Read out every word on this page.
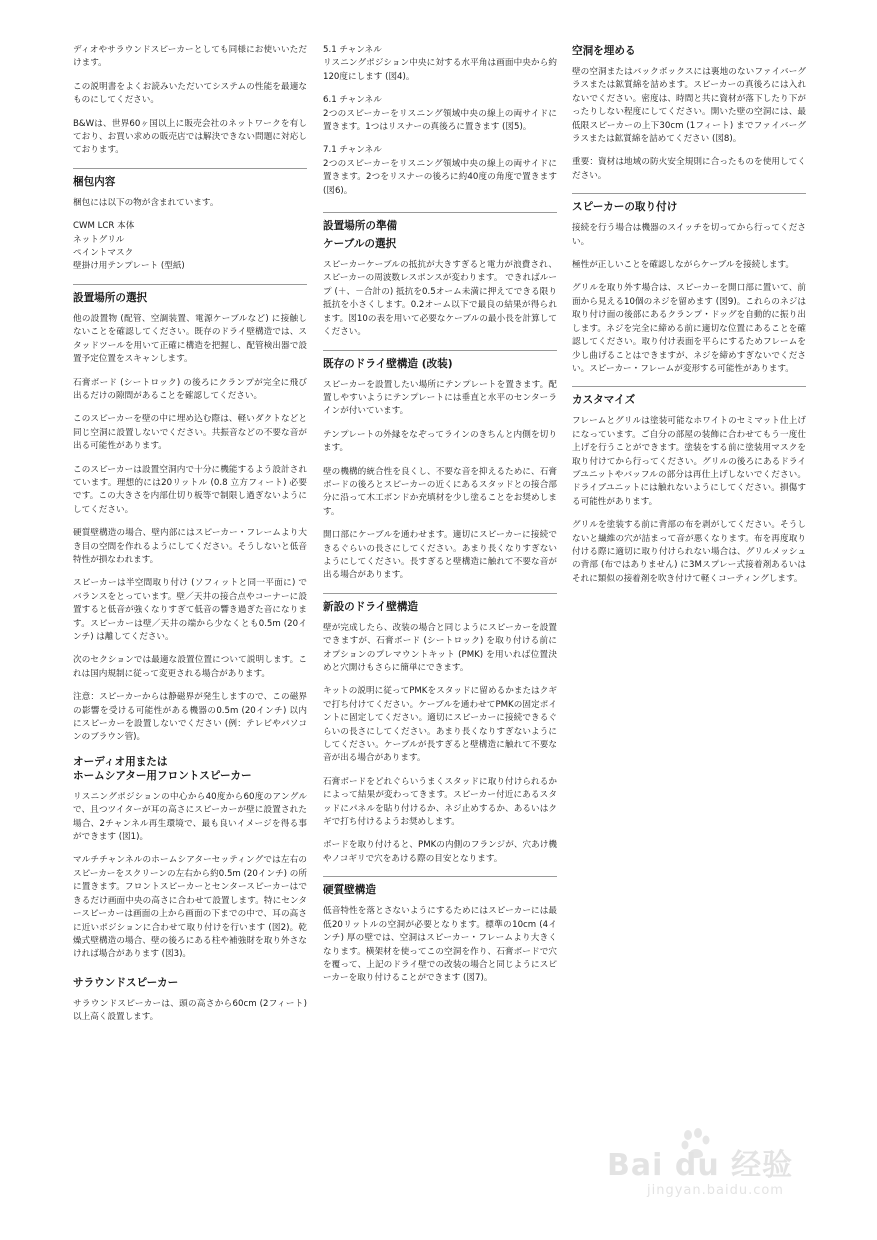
ディオやサラウンドスピーカーとしても同様にお使いいただけます。

この説明書をよくお読みいただいてシステムの性能を最適なものにしてください。

B&Wは、世界60ヶ国以上に販売会社のネットワークを有しており、お買い求めの販売店では解決できない問題に対応しております。

梱包内容

梱包には以下の物が含まれています。

CWM LCR 本体

ネットグリル

ペイントマスク

壁掛け用テンプレート (型紙)

設置場所の選択

他の設置物 (配管、空調装置、電源ケーブルなど) に接触しないことを確認してください。既存のドライ壁構造では、スタッドツールを用いて正確に構造を把握し、配管検出器で設置予定位置をスキャンします。

石膏ボード (シートロック) の後ろにクランプが完全に飛び出るだけの隙間があることを確認してください。

このスピーカーを壁の中に埋め込む際は、軽いダクトなどと同じ空洞に設置しないでください。共振音などの不要な音が出る可能性があります。

このスピーカーは設置空洞内で十分に機能するよう設計されています。理想的には20リットル (0.8 立方フィート) 必要です。この大きさを内部仕切り板等で制限し過ぎないようにしてください。

硬質壁構造の場合、壁内部にはスピーカー・フレームより大き目の空間を作れるようにしてください。そうしないと低音特性が損なわれます。

スピーカーは半空間取り付け (ソフィットと同一平面に) でバランスをとっています。壁／天井の接合点やコーナーに設置すると低音が強くなりすぎて低音の響き過ぎた音になります。スピーカーは壁／天井の端から少なくとも0.5m (20インチ) は離してください。

次のセクションでは最適な設置位置について説明します。これは国内規制に従って変更される場合があります。

注意：スピーカーからは静磁界が発生しますので、この磁界の影響を受ける可能性がある機器の0.5m (20インチ) 以内にスピーカーを設置しないでください (例：テレビやパソコンのブラウン管)。

オーディオ用または
ホームシアター用フロントスピーカー

リスニングポジションの中心から40度から60度のアングルで、且つツイターが耳の高さにスピーカーが壁に設置された場合、2チャンネル再生環境で、最も良いイメージを得る事ができます (図1)。

マルチチャンネルのホームシアターセッティングでは左右のスピーカーをスクリーンの左右から約0.5m (20インチ) の所に置きます。フロントスピーカーとセンタースピーカーはできるだけ画面中央の高さに合わせて設置します。特にセンタースピーカーは画面の上から画面の下までの中で、耳の高さに近いポジションに合わせて取り付けを行います (図2)。乾燥式壁構造の場合、壁の後ろにある柱や補強財を取り外さなければ場合があります (図3)。

サラウンドスピーカー

サラウンドスピーカーは、頭の高さから60cm (2フィート) 以上高く設置します。

5.1 チャンネル

リスニングポジション中央に対する水平角は画面中央から約120度にします (図4)。

6.1 チャンネル

2つのスピーカーをリスニング領域中央の線上の両サイドに置きます。1つはリスナーの真後ろに置きます (図5)。

7.1 チャンネル

2つのスピーカーをリスニング領域中央の線上の両サイドに置きます。2つをリスナーの後ろに約40度の角度で置きます (図6)。

設置場所の準備
ケーブルの選択

スピーカーケーブルの抵抗が大きすぎると電力が浪費され、スピーカーの周波数レスポンスが変わります。 できればループ (＋、－合計の) 抵抗を0.5オーム未満に押えてできる限り抵抗を小さくします。0.2オーム以下で最良の結果が得られます。図10の表を用いて必要なケーブルの最小長を計算してください。

既存のドライ壁構造 (改装)

スピーカーを設置したい場所にテンプレートを置きます。配置しやすいようにテンプレートには垂直と水平のセンターラインが付いています。

テンプレートの外縁をなぞってラインのきちんと内側を切ります。

壁の機構的統合性を良くし、不要な音を抑えるために、石膏ボードの後ろとスピーカーの近くにあるスタッドとの接合部分に沿って木工ボンドか充填材を少し塗ることをお奨めします。

開口部にケーブルを通わせます。適切にスピーカーに接続できるぐらいの長さにしてください。あまり長くなりすぎないようにしてください。長すぎると壁構造に触れて不要な音が出る場合があります。

新設のドライ壁構造

壁が完成したら、改装の場合と同じようにスピーカーを設置できますが、石膏ボード (シートロック) を取り付ける前にオプションのプレマウントキット (PMK) を用いれば位置決めと穴開けもさらに簡単にできます。

キットの説明に従ってPMKをスタッドに留めるかまたはクギで打ち付けてください。ケーブルを通わせてPMKの固定ポイントに固定してください。適切にスピーカーに接続できるぐらいの長さにしてください。あまり長くなりすぎないようにしてください。ケーブルが長すぎると壁構造に触れて不要な音が出る場合があります。

石膏ボードをどれぐらいうまくスタッドに取り付けられるかによって結果が変わってきます。スピーカー付近にあるスタッドにパネルを貼り付けるか、ネジ止めするか、あるいはクギで打ち付けるようお奨めします。

ボードを取り付けると、PMKの内側のフランジが、穴あけ機やノコギリで穴をあける際の目安となります。

硬質壁構造

低音特性を落とさないようにするためにはスピーカーには最低20リットルの空洞が必要となります。標準の10cm (4インチ) 厚の壁では、空洞はスピーカー・フレームより大きくなります。横架材を使ってこの空洞を作り、石膏ボードで穴を覆って、上記のドライ壁での改装の場合と同じようにスピーカーを取り付けることができます (図7)。

空洞を埋める

壁の空洞またはバックボックスには裏地のないファイバーグラスまたは鉱質綿を詰めます。スピーカーの真後ろには入れないでください。密度は、時間と共に資材が落下したり下がったりしない程度にしてください。開いた壁の空洞には、最低限スピーカーの上下30cm (1フィート) までファイバーグラスまたは鉱質綿を詰めてください (図8)。

重要：資材は地域の防火安全規則に合ったものを使用してください。

スピーカーの取り付け

接続を行う場合は機器のスイッチを切ってから行ってください。

極性が正しいことを確認しながらケーブルを接続します。

グリルを取り外す場合は、スピーカーを開口部に置いて、前面から見える10個のネジを留めます (図9)。これらのネジは取り付け面の後部にあるクランプ・ドッグを自動的に振り出します。ネジを完全に締める前に適切な位置にあることを確認してください。取り付け表面を平らにするためフレームを少し曲げることはできますが、ネジを締めすぎないでください。スピーカー・フレームが変形する可能性があります。

カスタマイズ

フレームとグリルは塗装可能なホワイトのセミマット仕上げになっています。ご自分の部屋の装飾に合わせてもう一度仕上げを行うことができます。塗装をする前に塗装用マスクを取り付けてから行ってください。グリルの後ろにあるドライブユニットやバッフルの部分は再仕上げしないでください。ドライブユニットには触れないようにしてください。損傷する可能性があります。

グリルを塗装する前に背部の布を剥がしてください。そうしないと繊維の穴が詰まって音が悪くなります。布を再度取り付ける際に適切に取り付けられない場合は、グリルメッシュの背部 (布ではありません) に3Mスプレー式接着剤あるいはそれに類似の接着剤を吹き付けて軽くコーティングします。

Bai du 经验
jingyan.baidu.com
